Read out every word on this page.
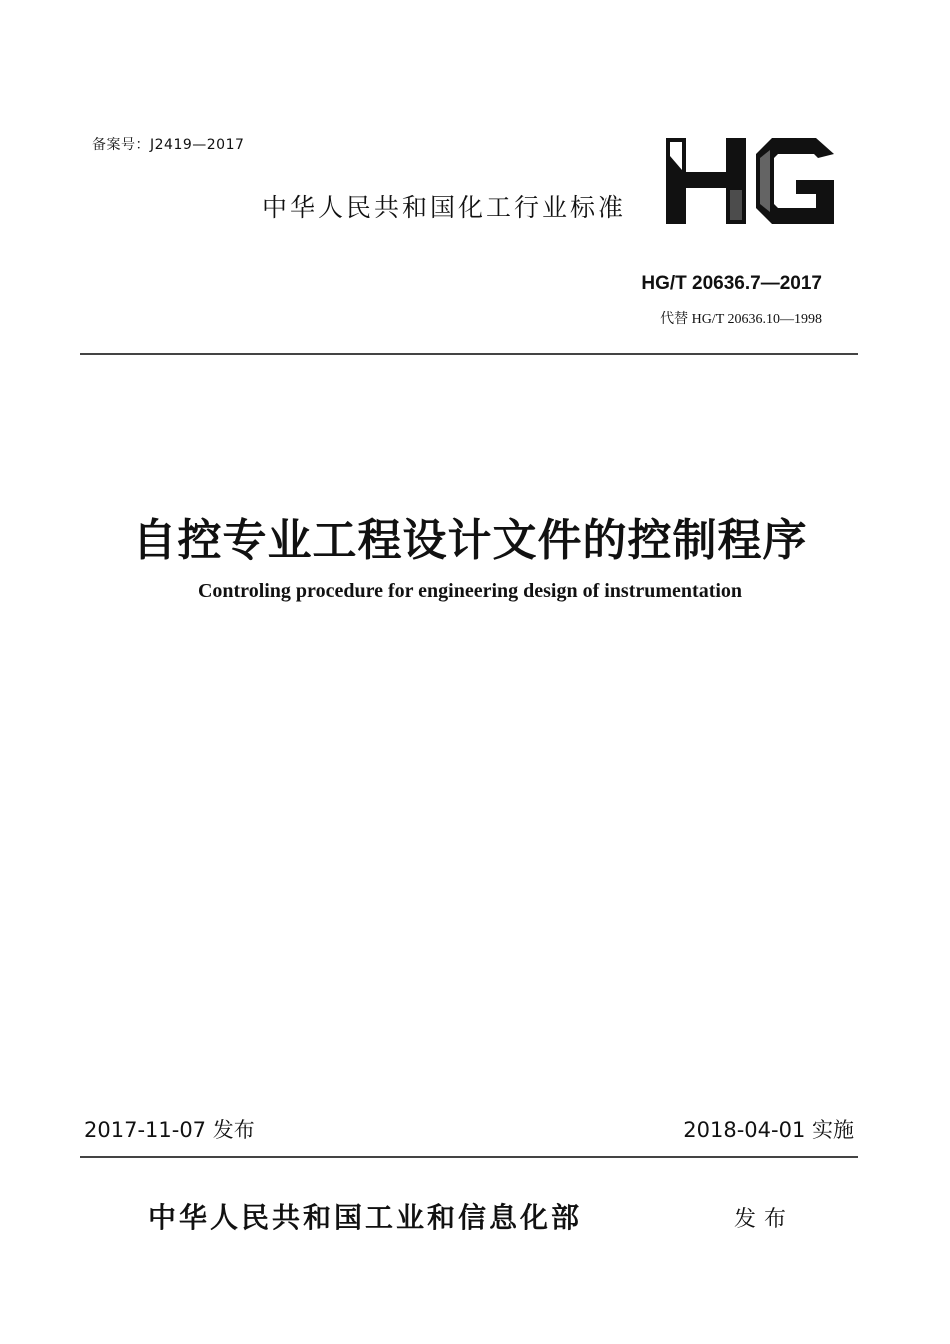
备案号：J2419—2017
中华人民共和国化工行业标准
HG/T 20636.7—2017
代替 HG/T 20636.10—1998
自控专业工程设计文件的控制程序
Controling procedure for engineering design of instrumentation
2017-11-07 发布	2018-04-01 实施
中华人民共和国工业和信息化部	发布
